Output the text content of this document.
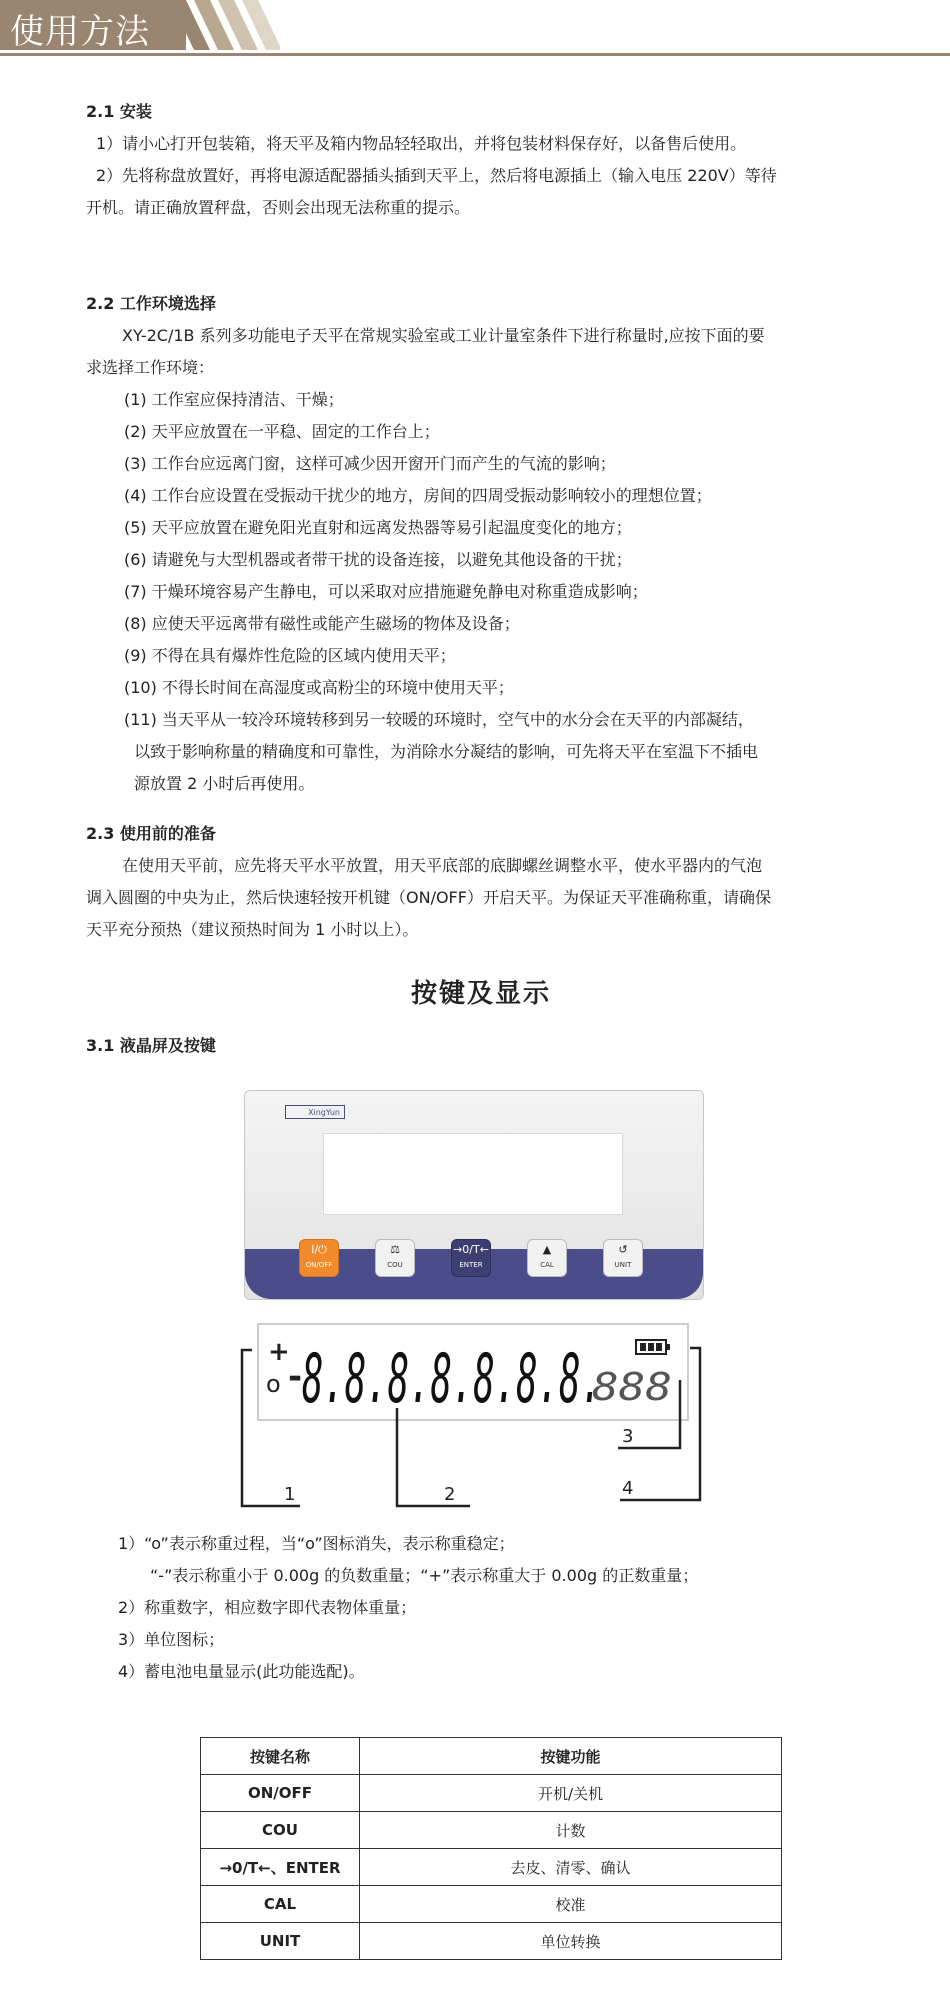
使用方法
2.1 安装

1）请小心打开包装箱，将天平及箱内物品轻轻取出，并将包装材料保存好，以备售后使用。

2）先将称盘放置好，再将电源适配器插头插到天平上，然后将电源插上（输入电压 220V）等待

开机。请正确放置秤盘，否则会出现无法称重的提示。

2.2 工作环境选择

XY-2C/1B 系列多功能电子天平在常规实验室或工业计量室条件下进行称量时,应按下面的要

求选择工作环境：

(1) 工作室应保持清洁、干燥；

(2) 天平应放置在一平稳、固定的工作台上；

(3) 工作台应远离门窗，这样可减少因开窗开门而产生的气流的影响；

(4) 工作台应设置在受振动干扰少的地方，房间的四周受振动影响较小的理想位置；

(5) 天平应放置在避免阳光直射和远离发热器等易引起温度变化的地方；

(6) 请避免与大型机器或者带干扰的设备连接，以避免其他设备的干扰；

(7) 干燥环境容易产生静电，可以采取对应措施避免静电对称重造成影响；

(8) 应使天平远离带有磁性或能产生磁场的物体及设备；

(9) 不得在具有爆炸性危险的区域内使用天平；

(10) 不得长时间在高湿度或高粉尘的环境中使用天平；

(11) 当天平从一较冷环境转移到另一较暖的环境时，空气中的水分会在天平的内部凝结，

以致于影响称量的精确度和可靠性，为消除水分凝结的影响，可先将天平在室温下不插电

源放置 2 小时后再使用。

2.3 使用前的准备

在使用天平前，应先将天平水平放置，用天平底部的底脚螺丝调整水平，使水平器内的气泡

调入圆圈的中央为止，然后快速轻按开机键（ON/OFF）开启天平。为保证天平准确称重，请确保

天平充分预热（建议预热时间为 1 小时以上）。

按键及显示
3.1 液晶屏及按键
XingYun
I/⏻
ON/OFF
⚖
COU
→0/T←
ENTER
▲
CAL
↺
UNIT
+
o - 8.8.8.8.8.8.8.
888
1	2
3
4

1）“o”表示称重过程，当“o”图标消失，表示称重稳定；

“-”表示称重小于 0.00g 的负数重量；“+”表示称重大于 0.00g 的正数重量；

2）称重数字，相应数字即代表物体重量；

3）单位图标；

4）蓄电池电量显示(此功能选配)。

按键名称	按键功能
ON/OFF	开机/关机
COU	计数
→0/T←、ENTER	去皮、清零、确认
CAL	校准
UNIT	单位转换
